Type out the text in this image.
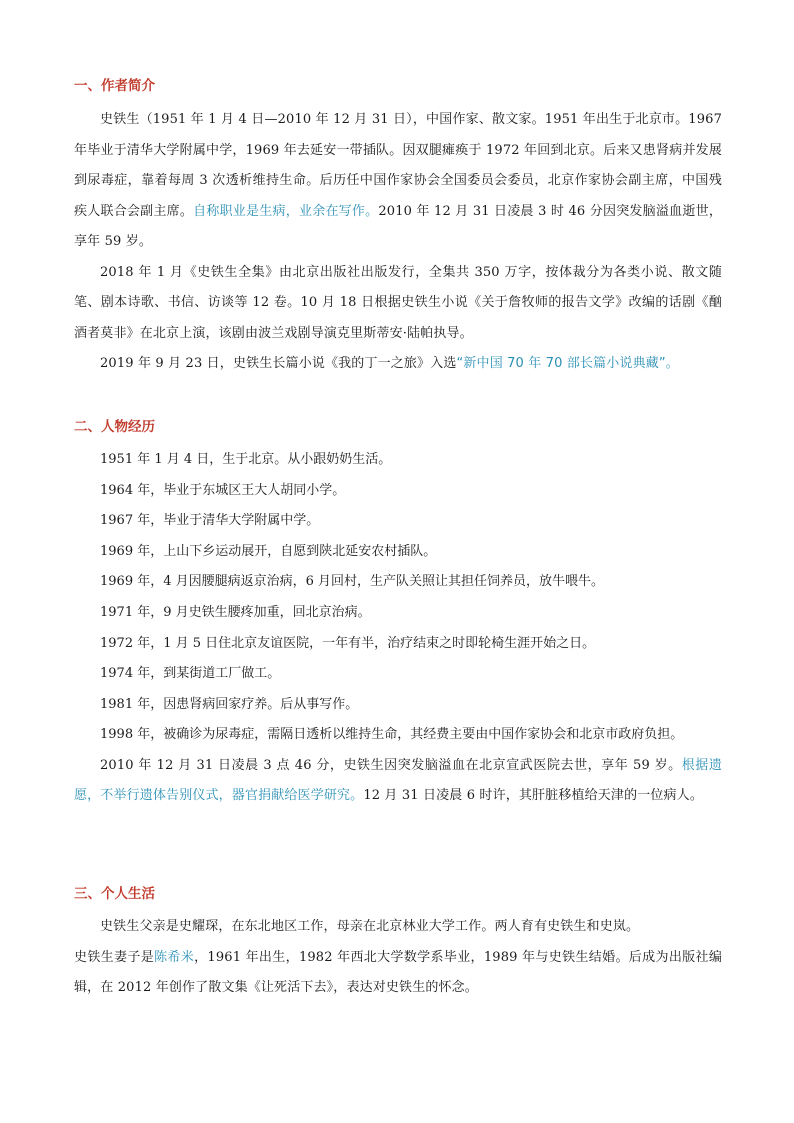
一、作者简介

史铁生（1951 年 1 月 4 日—2010 年 12 月 31 日），中国作家、散文家。1951 年出生于北京市。1967 年毕业于清华大学附属中学，1969 年去延安一带插队。因双腿瘫痪于 1972 年回到北京。后来又患肾病并发展到尿毒症，靠着每周 3 次透析维持生命。后历任中国作家协会全国委员会委员，北京作家协会副主席，中国残疾人联合会副主席。自称职业是生病，业余在写作。2010 年 12 月 31 日凌晨 3 时 46 分因突发脑溢血逝世，享年 59 岁。

2018 年 1 月《史铁生全集》由北京出版社出版发行，全集共 350 万字，按体裁分为各类小说、散文随笔、剧本诗歌、书信、访谈等 12 卷。10 月 18 日根据史铁生小说《关于詹牧师的报告文学》改编的话剧《酗酒者莫非》在北京上演，该剧由波兰戏剧导演克里斯蒂安·陆帕执导。

2019 年 9 月 23 日，史铁生长篇小说《我的丁一之旅》入选“新中国 70 年 70 部长篇小说典藏”。

二、人物经历

1951 年 1 月 4 日，生于北京。从小跟奶奶生活。

1964 年，毕业于东城区王大人胡同小学。

1967 年，毕业于清华大学附属中学。

1969 年，上山下乡运动展开，自愿到陕北延安农村插队。

1969 年，4 月因腰腿病返京治病，6 月回村，生产队关照让其担任饲养员，放牛喂牛。

1971 年，9 月史铁生腰疼加重，回北京治病。

1972 年，1 月 5 日住北京友谊医院，一年有半，治疗结束之时即轮椅生涯开始之日。

1974 年，到某街道工厂做工。

1981 年，因患肾病回家疗养。后从事写作。

1998 年，被确诊为尿毒症，需隔日透析以维持生命，其经费主要由中国作家协会和北京市政府负担。

2010 年 12 月 31 日凌晨 3 点 46 分，史铁生因突发脑溢血在北京宣武医院去世，享年 59 岁。根据遗愿，不举行遗体告别仪式，器官捐献给医学研究。12 月 31 日凌晨 6 时许，其肝脏移植给天津的一位病人。

三、个人生活

史铁生父亲是史耀琛，在东北地区工作，母亲在北京林业大学工作。两人育有史铁生和史岚。

史铁生妻子是陈希米，1961 年出生，1982 年西北大学数学系毕业，1989 年与史铁生结婚。后成为出版社编辑，在 2012 年创作了散文集《让死活下去》，表达对史铁生的怀念。
